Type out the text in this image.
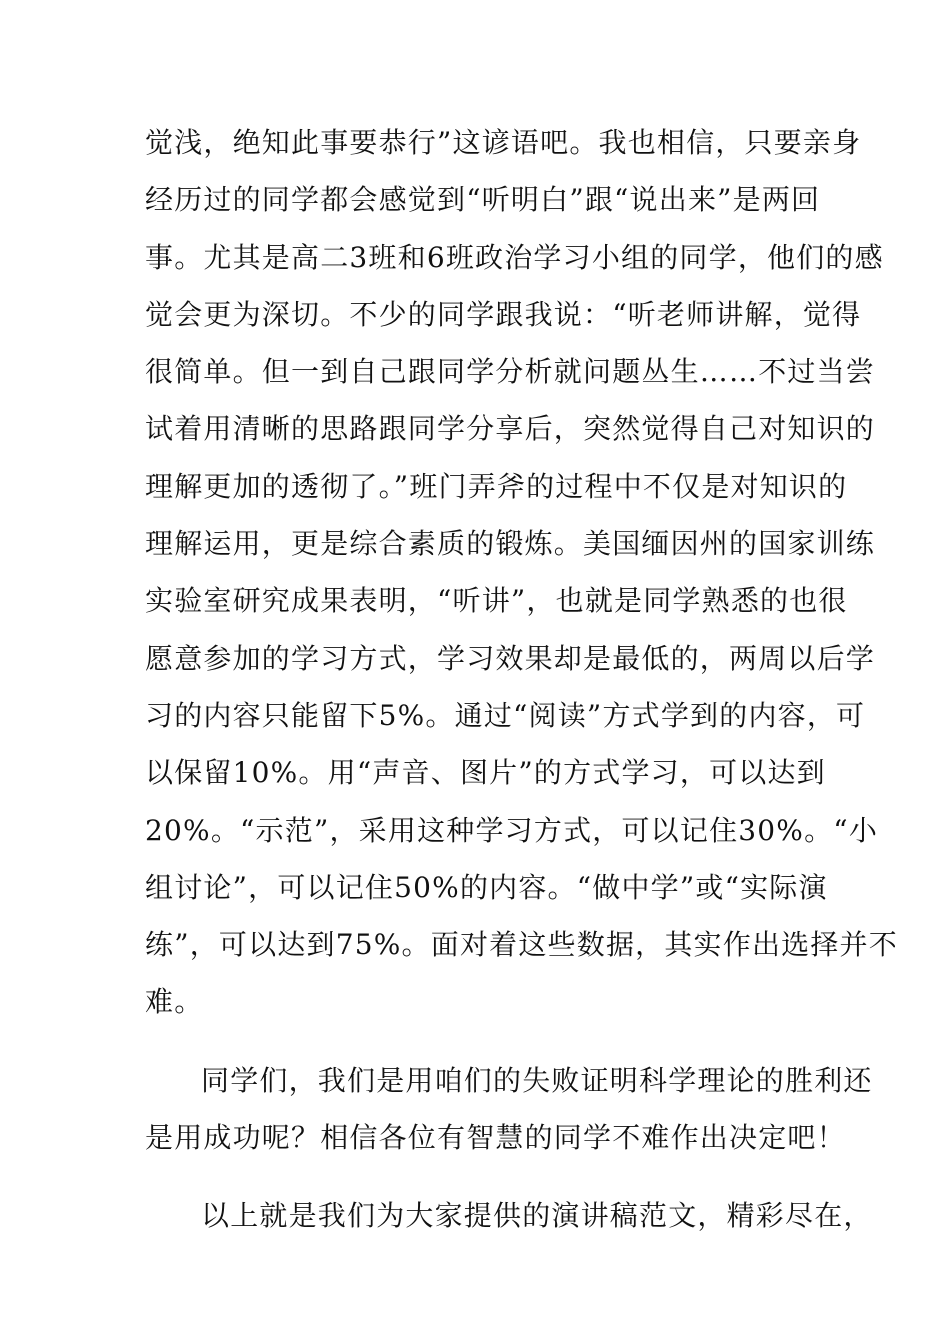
觉浅，绝知此事要恭行”这谚语吧。我也相信，只要亲身
经历过的同学都会感觉到“听明白”跟“说出来”是两回
事。尤其是高二3班和6班政治学习小组的同学，他们的感
觉会更为深切。不少的同学跟我说：“听老师讲解，觉得
很简单。但一到自己跟同学分析就问题丛生……不过当尝
试着用清晰的思路跟同学分享后，突然觉得自己对知识的
理解更加的透彻了。”班门弄斧的过程中不仅是对知识的
理解运用，更是综合素质的锻炼。美国缅因州的国家训练
实验室研究成果表明，“听讲”，也就是同学熟悉的也很
愿意参加的学习方式，学习效果却是最低的，两周以后学
习的内容只能留下5%。通过“阅读”方式学到的内容，可
以保留10%。用“声音、图片”的方式学习，可以达到
20%。“示范”，采用这种学习方式，可以记住30%。“小
组讨论”，可以记住50%的内容。“做中学”或“实际演
练”，可以达到75%。面对着这些数据，其实作出选择并不
难。
同学们，我们是用咱们的失败证明科学理论的胜利还
是用成功呢？相信各位有智慧的同学不难作出决定吧！
以上就是我们为大家提供的演讲稿范文，精彩尽在，
